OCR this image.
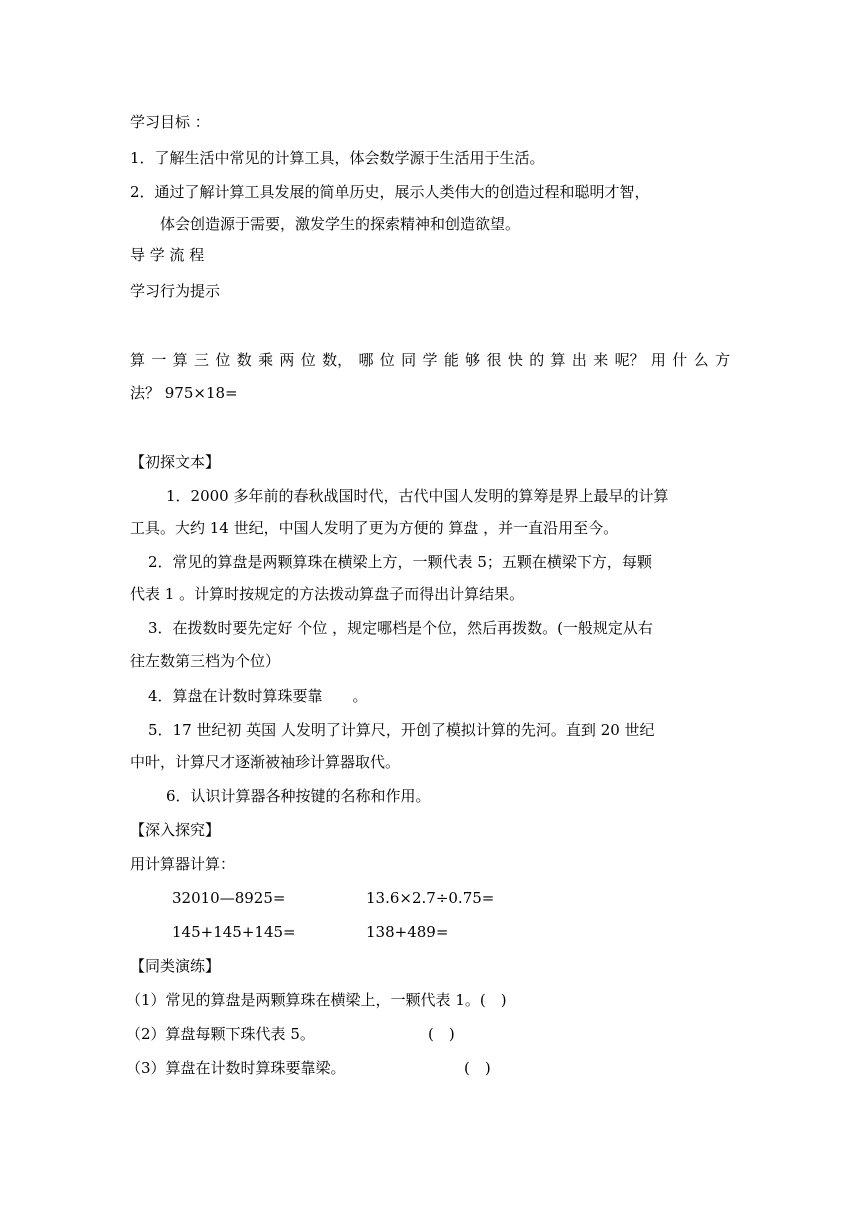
学习目标 ：
1．了解生活中常见的计算工具，体会数学源于生活用于生活。
2．通过了解计算工具发展的简单历史，展示人类伟大的创造过程和聪明才智，
体会创造源于需要，激发学生的探索精神和创造欲望。
导 学 流 程
学习行为提示
算 一 算 三 位 数 乘 两 位 数， 哪 位 同 学 能 够 很 快 的 算 出 来 呢？ 用 什 么 方
法？ 975×18=
【初探文本】
1．2000 多年前的春秋战国时代，古代中国人发明的算筹是界上最早的计算
工具。大约 14 世纪，中国人发明了更为方便的 算盘 ，并一直沿用至今。
2．常见的算盘是两颗算珠在横梁上方，一颗代表 5；五颗在横梁下方，每颗
代表 1 。计算时按规定的方法拨动算盘子而得出计算结果。
3．在拨数时要先定好 个位 ，规定哪档是个位，然后再拨数。(一般规定从右
往左数第三档为个位）
4．算盘在计数时算珠要靠　　。
5．17 世纪初 英国 人发明了计算尺，开创了模拟计算的先河。直到 20 世纪
中叶，计算尺才逐渐被袖珍计算器取代。
6．认识计算器各种按键的名称和作用。
【深入探究】
用计算器计算：
32010—8925=	13.6×2.7÷0.75=
145+145+145=	138+489=
【同类演练】
（1）常见的算盘是两颗算珠在横梁上，一颗代表 1。(　)
（2）算盘每颗下珠代表 5。	(　)
（3）算盘在计数时算珠要靠梁。	(　)
